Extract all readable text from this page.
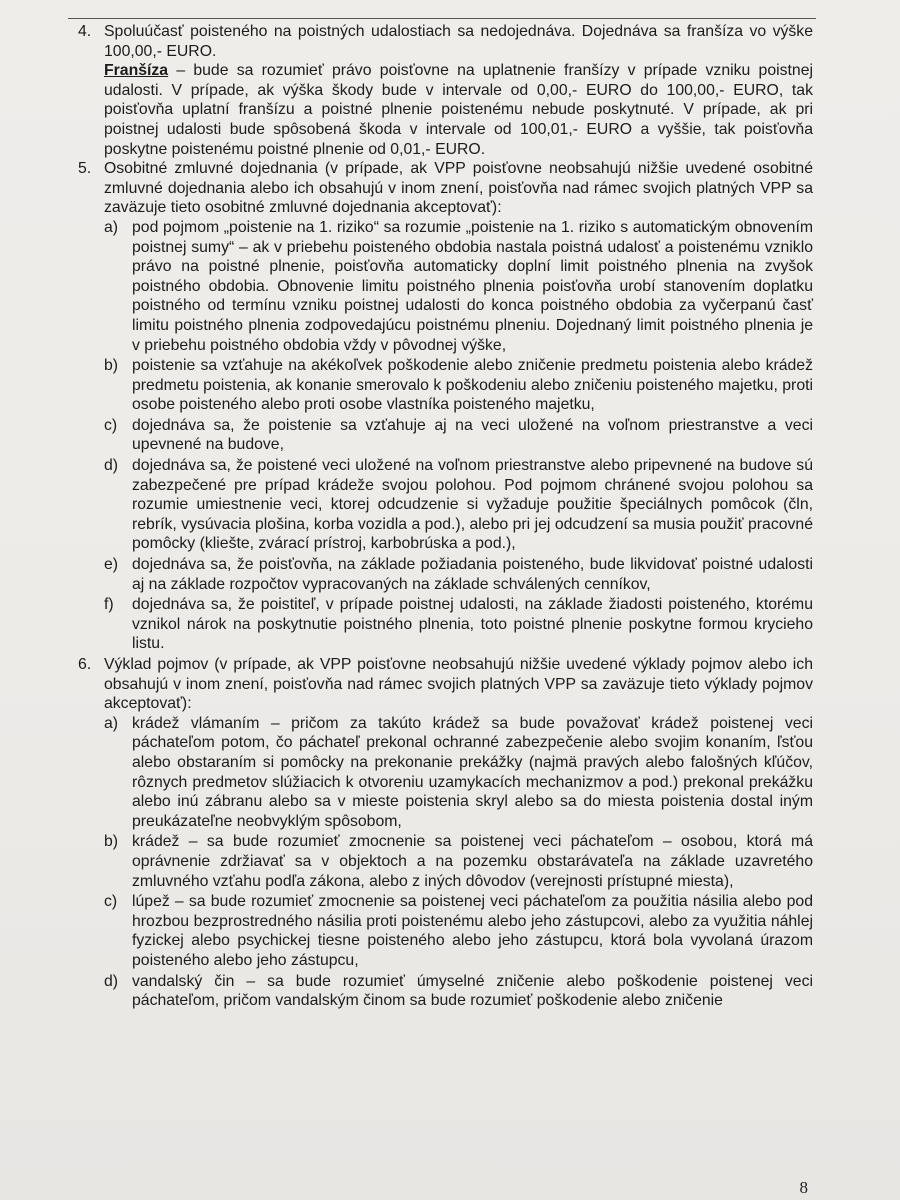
4. Spoluúčasť poisteného na poistných udalostiach sa nedojednáva. Dojednáva sa franšíza vo výške 100,00,- EURO.

Franšíza – bude sa rozumieť právo poisťovne na uplatnenie franšízy v prípade vzniku poistnej udalosti. V prípade, ak výška škody bude v intervale od 0,00,- EURO do 100,00,- EURO, tak poisťovňa uplatní franšízu a poistné plnenie poistenému nebude poskytnuté. V prípade, ak pri poistnej udalosti bude spôsobená škoda v intervale od 100,01,- EURO a vyššie, tak poisťovňa poskytne poistenému poistné plnenie od 0,01,- EURO.

5. Osobitné zmluvné dojednania (v prípade, ak VPP poisťovne neobsahujú nižšie uvedené osobitné zmluvné dojednania alebo ich obsahujú v inom znení, poisťovňa nad rámec svojich platných VPP sa zaväzuje tieto osobitné zmluvné dojednania akceptovať):

a) pod pojmom „poistenie na 1. riziko“ sa rozumie „poistenie na 1. riziko s automatickým obnovením poistnej sumy“ – ak v priebehu poisteného obdobia nastala poistná udalosť a poistenému vzniklo právo na poistné plnenie, poisťovňa automaticky doplní limit poistného plnenia na zvyšok poistného obdobia. Obnovenie limitu poistného plnenia poisťovňa urobí stanovením doplatku poistného od termínu vzniku poistnej udalosti do konca poistného obdobia za vyčerpanú časť limitu poistného plnenia zodpovedajúcu poistnému plneniu. Dojednaný limit poistného plnenia je v priebehu poistného obdobia vždy v pôvodnej výške,
b) poistenie sa vzťahuje na akékoľvek poškodenie alebo zničenie predmetu poistenia alebo krádež predmetu poistenia, ak konanie smerovalo k poškodeniu alebo zničeniu poisteného majetku, proti osobe poisteného alebo proti osobe vlastníka poisteného majetku,
c) dojednáva sa, že poistenie sa vzťahuje aj na veci uložené na voľnom priestranstve a veci upevnené na budove,
d) dojednáva sa, že poistené veci uložené na voľnom priestranstve alebo pripevnené na budove sú zabezpečené pre prípad krádeže svojou polohou. Pod pojmom chránené svojou polohou sa rozumie umiestnenie veci, ktorej odcudzenie si vyžaduje použitie špeciálnych pomôcok (čln, rebrík, vysúvacia plošina, korba vozidla a pod.), alebo pri jej odcudzení sa musia použiť pracovné pomôcky (kliešte, zvárací prístroj, karbobrúska a pod.),
e) dojednáva sa, že poisťovňa, na základe požiadania poisteného, bude likvidovať poistné udalosti aj na základe rozpočtov vypracovaných na základe schválených cenníkov,
f) dojednáva sa, že poistiteľ, v prípade poistnej udalosti, na základe žiadosti poisteného, ktorému vznikol nárok na poskytnutie poistného plnenia, toto poistné plnenie poskytne formou krycieho listu.
6. Výklad pojmov (v prípade, ak VPP poisťovne neobsahujú nižšie uvedené výklady pojmov alebo ich obsahujú v inom znení, poisťovňa nad rámec svojich platných VPP sa zaväzuje tieto výklady pojmov akceptovať):

a) krádež vlámaním – pričom za takúto krádež sa bude považovať krádež poistenej veci páchateľom potom, čo páchateľ prekonal ochranné zabezpečenie alebo svojim konaním, ľsťou alebo obstaraním si pomôcky na prekonanie prekážky (najmä pravých alebo falošných kľúčov, rôznych predmetov slúžiacich k otvoreniu uzamykacích mechanizmov a pod.) prekonal prekážku alebo inú zábranu alebo sa v mieste poistenia skryl alebo sa do miesta poistenia dostal iným preukázateľne neobvyklým spôsobom,
b) krádež – sa bude rozumieť zmocnenie sa poistenej veci páchateľom – osobou, ktorá má oprávnenie zdržiavať sa v objektoch a na pozemku obstarávateľa na základe uzavretého zmluvného vzťahu podľa zákona, alebo z iných dôvodov (verejnosti prístupné miesta),
c) lúpež – sa bude rozumieť zmocnenie sa poistenej veci páchateľom za použitia násilia alebo pod hrozbou bezprostredného násilia proti poistenému alebo jeho zástupcovi, alebo za využitia náhlej fyzickej alebo psychickej tiesne poisteného alebo jeho zástupcu, ktorá bola vyvolaná úrazom poisteného alebo jeho zástupcu,
d) vandalský čin – sa bude rozumieť úmyselné zničenie alebo poškodenie poistenej veci páchateľom, pričom vandalským činom sa bude rozumieť poškodenie alebo zničenie
8
